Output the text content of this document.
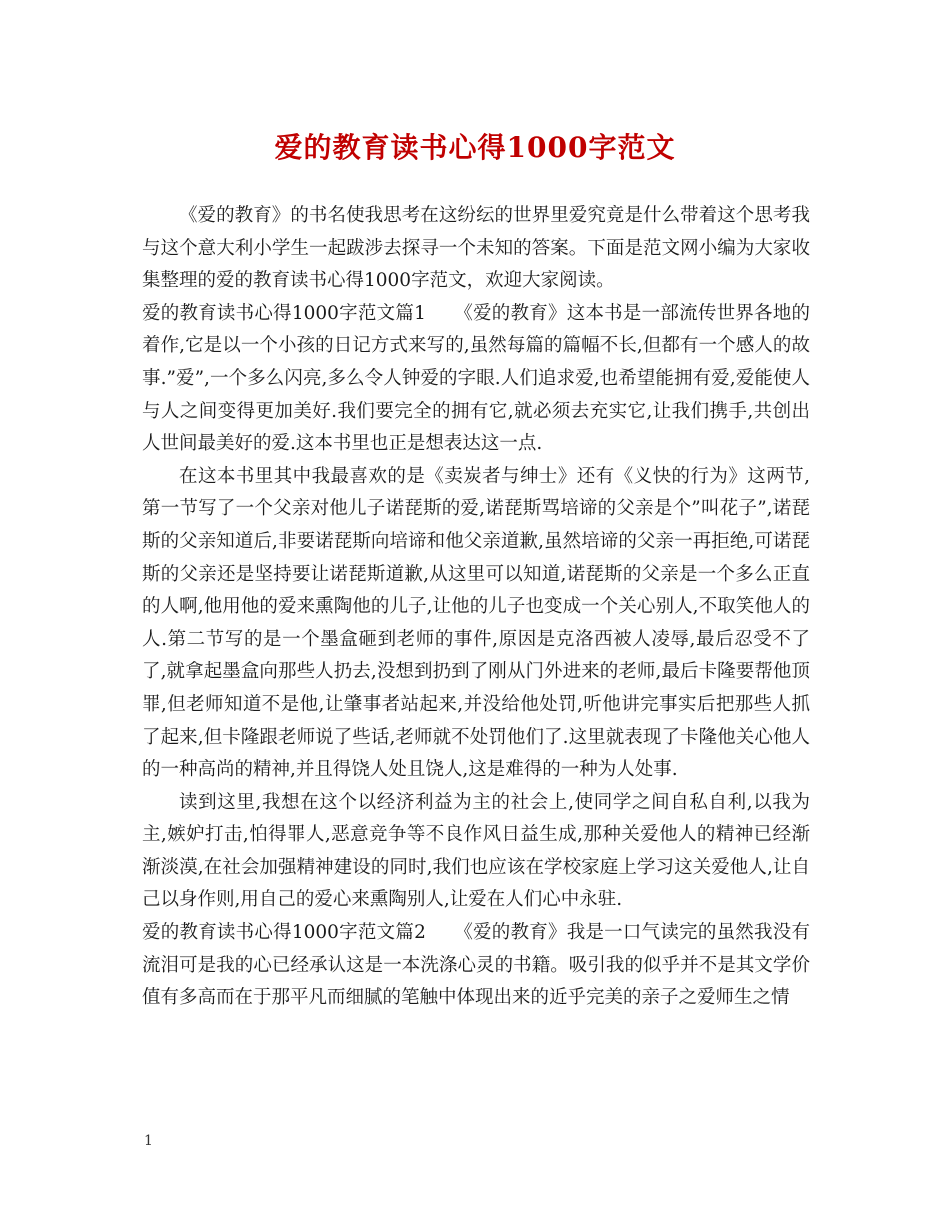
爱的教育读书心得1000字范文

《爱的教育》的书名使我思考在这纷纭的世界里爱究竟是什么带着这个思考我与这个意大利小学生一起跋涉去探寻一个未知的答案。下面是范文网小编为大家收集整理的爱的教育读书心得1000字范文，欢迎大家阅读。

爱的教育读书心得1000字范文篇1　　《爱的教育》这本书是一部流传世界各地的着作,它是以一个小孩的日记方式来写的,虽然每篇的篇幅不长,但都有一个感人的故事.”爱”,一个多么闪亮,多么令人钟爱的字眼.人们追求爱,也希望能拥有爱,爱能使人与人之间变得更加美好.我们要完全的拥有它,就必须去充实它,让我们携手,共创出人世间最美好的爱.这本书里也正是想表达这一点.

在这本书里其中我最喜欢的是《卖炭者与绅士》还有《义快的行为》这两节,第一节写了一个父亲对他儿子诺琵斯的爱,诺琵斯骂培谛的父亲是个”叫花子”,诺琵斯的父亲知道后,非要诺琵斯向培谛和他父亲道歉,虽然培谛的父亲一再拒绝,可诺琵斯的父亲还是坚持要让诺琵斯道歉,从这里可以知道,诺琵斯的父亲是一个多么正直的人啊,他用他的爱来熏陶他的儿子,让他的儿子也变成一个关心别人,不取笑他人的人.第二节写的是一个墨盒砸到老师的事件,原因是克洛西被人凌辱,最后忍受不了了,就拿起墨盒向那些人扔去,没想到扔到了刚从门外进来的老师,最后卡隆要帮他顶罪,但老师知道不是他,让肇事者站起来,并没给他处罚,听他讲完事实后把那些人抓了起来,但卡隆跟老师说了些话,老师就不处罚他们了.这里就表现了卡隆他关心他人的一种高尚的精神,并且得饶人处且饶人,这是难得的一种为人处事.

读到这里,我想在这个以经济利益为主的社会上,使同学之间自私自利,以我为主,嫉妒打击,怕得罪人,恶意竞争等不良作风日益生成,那种关爱他人的精神已经渐渐淡漠,在社会加强精神建设的同时,我们也应该在学校家庭上学习这关爱他人,让自己以身作则,用自己的爱心来熏陶别人,让爱在人们心中永驻.

爱的教育读书心得1000字范文篇2　　《爱的教育》我是一口气读完的虽然我没有流泪可是我的心已经承认这是一本洗涤心灵的书籍。吸引我的似乎并不是其文学价值有多高而在于那平凡而细腻的笔触中体现出来的近乎完美的亲子之爱师生之情

1
